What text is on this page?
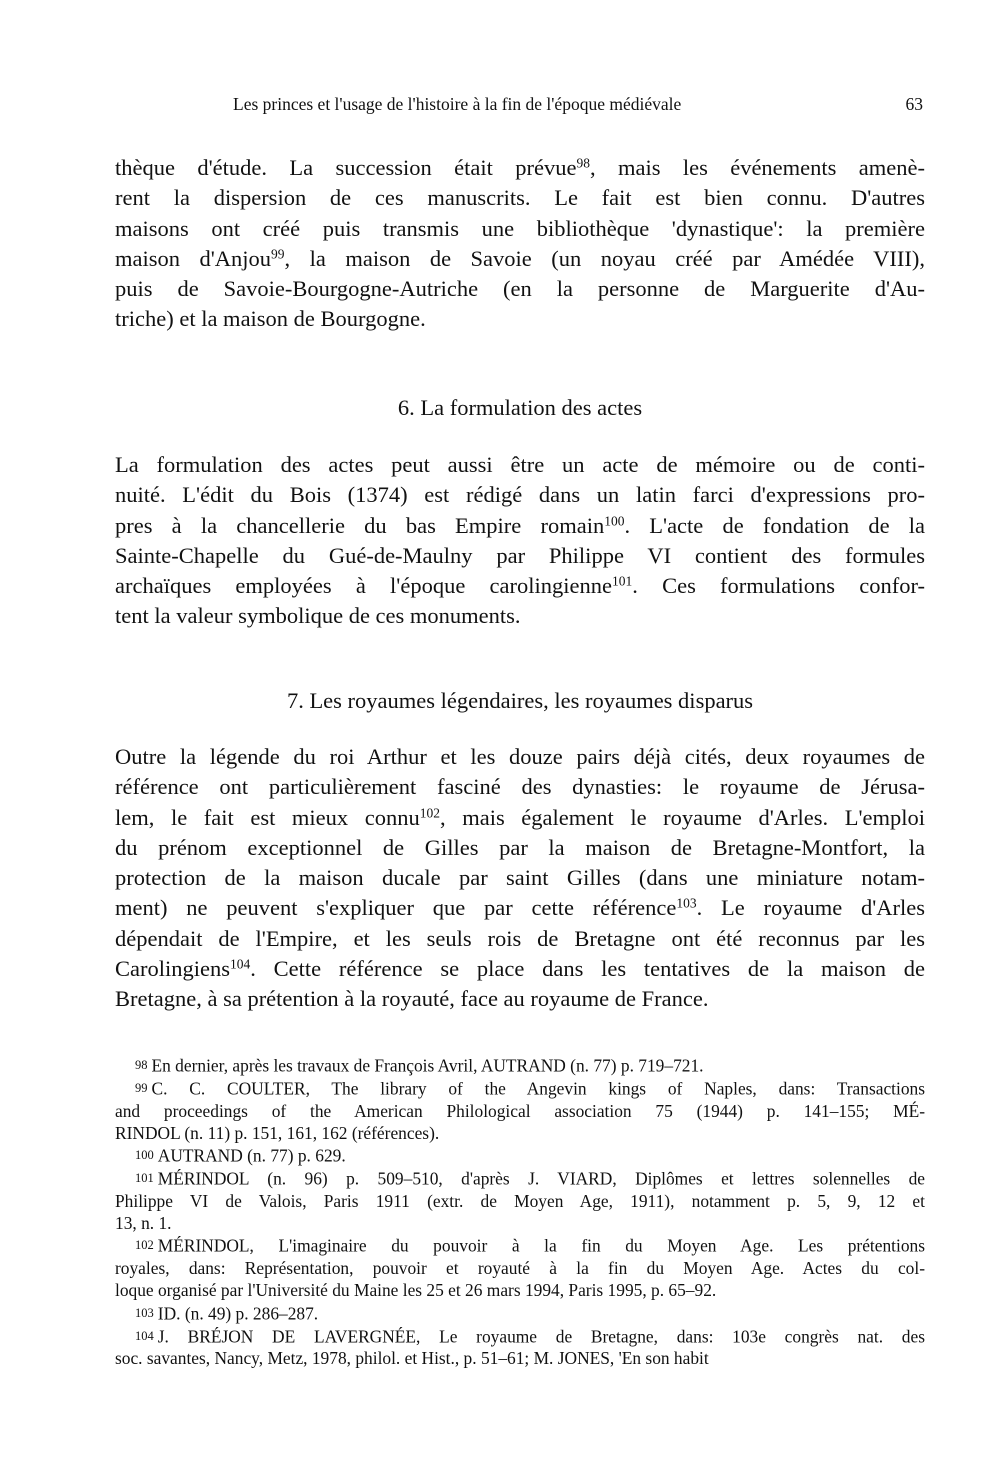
Les princes et l'usage de l'histoire à la fin de l'époque médiévale	63
thèque d'étude. La succession était prévue$^{98}$, mais les événements amenè-
rent la dispersion de ces manuscrits. Le fait est bien connu. D'autres
maisons ont créé puis transmis une bibliothèque 'dynastique': la première
maison d'Anjou$^{99}$, la maison de Savoie (un noyau créé par Amédée VIII),
puis de Savoie-Bourgogne-Autriche (en la personne de Marguerite d'Au-
triche) et la maison de Bourgogne.
6. La formulation des actes
La formulation des actes peut aussi être un acte de mémoire ou de conti-
nuité. L'édit du Bois (1374) est rédigé dans un latin farci d'expressions pro-
pres à la chancellerie du bas Empire romain$^{100}$. L'acte de fondation de la
Sainte-Chapelle du Gué-de-Maulny par Philippe VI contient des formules
archaïques employées à l'époque carolingienne$^{101}$. Ces formulations confor-
tent la valeur symbolique de ces monuments.
7. Les royaumes légendaires, les royaumes disparus
Outre la légende du roi Arthur et les douze pairs déjà cités, deux royaumes de
référence ont particulièrement fasciné des dynasties: le royaume de Jérusa-
lem, le fait est mieux connu$^{102}$, mais également le royaume d'Arles. L'emploi
du prénom exceptionnel de Gilles par la maison de Bretagne-Montfort, la
protection de la maison ducale par saint Gilles (dans une miniature notam-
ment) ne peuvent s'expliquer que par cette référence$^{103}$. Le royaume d'Arles
dépendait de l'Empire, et les seuls rois de Bretagne ont été reconnus par les
Carolingiens$^{104}$. Cette référence se place dans les tentatives de la maison de
Bretagne, à sa prétention à la royauté, face au royaume de France.
98 En dernier, après les travaux de François Avril, AUTRAND (n. 77) p. 719–721.
99 C. C. COULTER, The library of the Angevin kings of Naples, dans: Transactions
and proceedings of the American Philological association 75 (1944) p. 141–155; MÉ-
RINDOL (n. 11) p. 151, 161, 162 (références).
100 AUTRAND (n. 77) p. 629.
101 MÉRINDOL (n. 96) p. 509–510, d'après J. VIARD, Diplômes et lettres solennelles de
Philippe VI de Valois, Paris 1911 (extr. de Moyen Age, 1911), notamment p. 5, 9, 12 et
13, n. 1.
102 MÉRINDOL, L'imaginaire du pouvoir à la fin du Moyen Age. Les prétentions
royales, dans: Représentation, pouvoir et royauté à la fin du Moyen Age. Actes du col-
loque organisé par l'Université du Maine les 25 et 26 mars 1994, Paris 1995, p. 65–92.
103 ID. (n. 49) p. 286–287.
104 J. BRÉJON DE LAVERGNÉE, Le royaume de Bretagne, dans: 103e congrès nat. des
soc. savantes, Nancy, Metz, 1978, philol. et Hist., p. 51–61; M. JONES, 'En son habit
